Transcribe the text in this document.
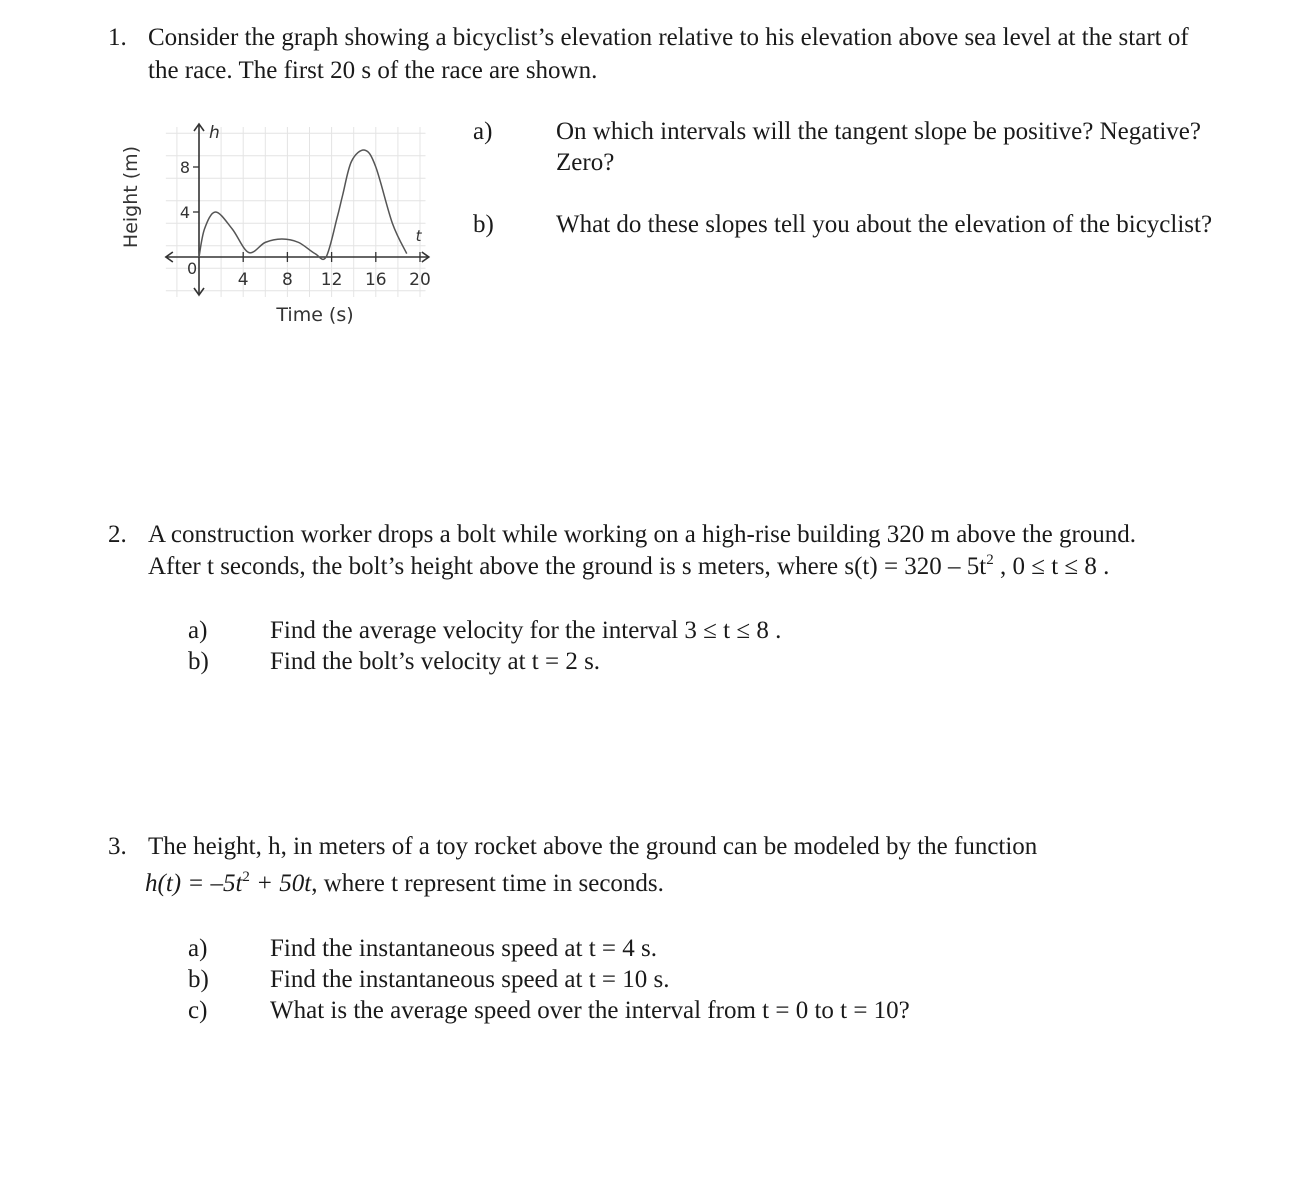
1. Consider the graph showing a bicyclist’s elevation relative to his elevation above sea level at the start of

the race. The first 20 s of the race are shown.

4 8 12 16 20
8
4
0
h
t
Time (s)
Height (m)
a)	On which intervals will the tangent slope be positive? Negative?

Zero?

b) What do these slopes tell you about the elevation of the bicyclist?

2. A construction worker drops a bolt while working on a high-rise building 320 m above the ground.

After t seconds, the bolt’s height above the ground is s meters, where $s(t) = 320 - 5t^2$ , 0 ≤ t ≤ 8 .

a)	Find the average velocity for the interval 3 ≤ t ≤ 8 .

b) Find the bolt’s velocity at t = 2 s.

3. The height, h, in meters of a toy rocket above the ground can be modeled by the function

$h(t) = -5t^2 + 50t$, where t represent time in seconds.

a)	Find the instantaneous speed at t = 4 s.

b) Find the instantaneous speed at t = 10 s.

c)	What is the average speed over the interval from t = 0 to t = 10?
